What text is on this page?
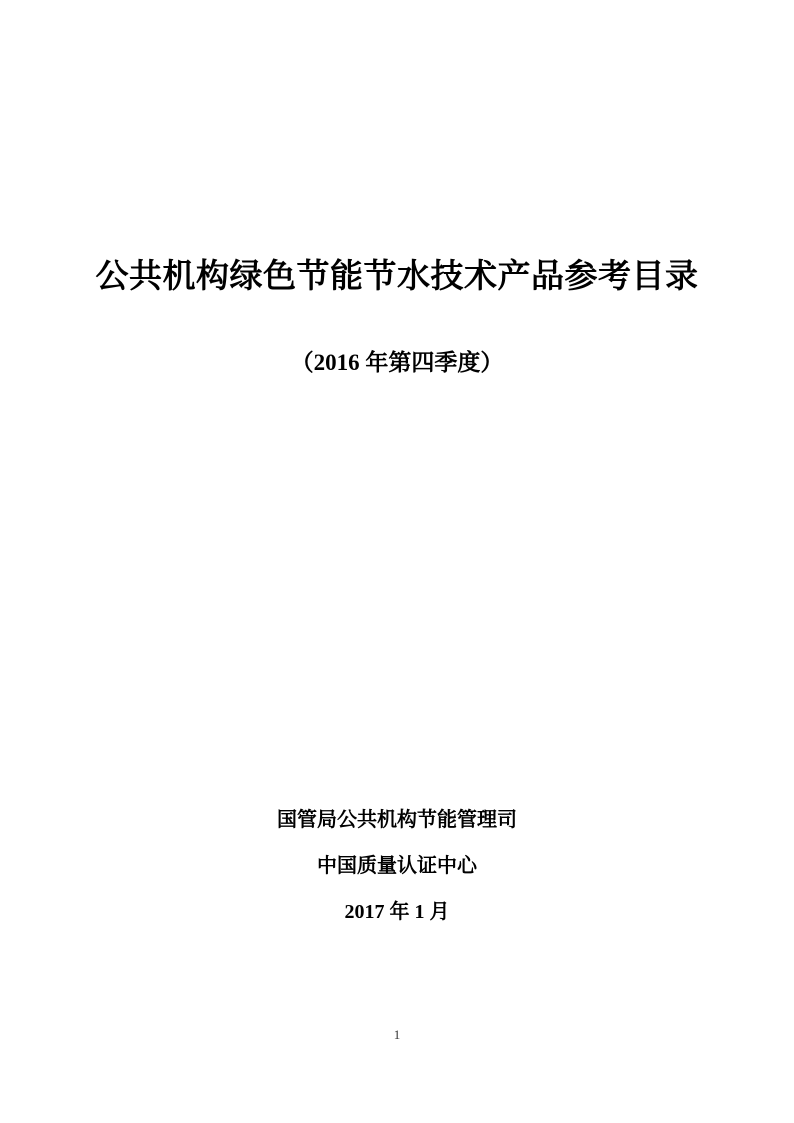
公共机构绿色节能节水技术产品参考目录
（2016 年第四季度）
国管局公共机构节能管理司
中国质量认证中心
2017 年 1 月
1
